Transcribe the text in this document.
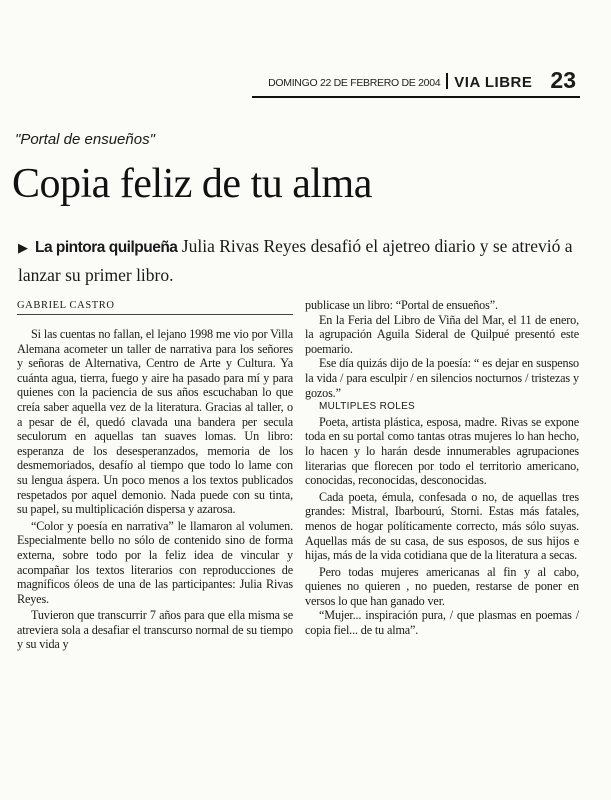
DOMINGO 22 DE FEBRERO DE 2004 VIA LIBRE 23
"Portal de ensueños"
Copia feliz de tu alma
▶ La pintora quilpueña Julia Rivas Reyes desafió el ajetreo diario y se atrevió a lanzar su primer libro.
GABRIEL CASTRO

Si las cuentas no fallan, el lejano 1998 me vio por Villa Alemana acometer un taller de narrativa para los señores y señoras de Alternativa, Centro de Arte y Cultura. Ya cuánta agua, tierra, fuego y aire ha pasado para mí y para quienes con la paciencia de sus años escuchaban lo que creía saber aquella vez de la literatura. Gracias al taller, o a pesar de él, quedó clavada una bandera per secula seculorum en aquellas tan suaves lomas. Un libro: esperanza de los desesperanzados, memoria de los desmemoriados, desafío al tiempo que todo lo lame con su lengua áspera. Un poco menos a los textos publicados respetados por aquel demonio. Nada puede con su tinta, su papel, su multiplicación dispersa y azarosa.

“Color y poesía en narrativa” le llamaron al volumen. Especialmente bello no sólo de contenido sino de forma externa, sobre todo por la feliz idea de vincular y acompañar los textos literarios con reproducciones de magníficos óleos de una de las participantes: Julia Rivas Reyes.

Tuvieron que transcurrir 7 años para que ella misma se atreviera sola a desafiar el transcurso normal de su tiempo y su vida y

publicase un libro: “Portal de ensueños”.

En la Feria del Libro de Viña del Mar, el 11 de enero, la agrupación Aguila Sideral de Quilpué presentó este poemario.

Ese día quizás dijo de la poesía: “ es dejar en suspenso la vida / para esculpir / en silencios nocturnos / tristezas y gozos.”

MULTIPLES ROLES

Poeta, artista plástica, esposa, madre. Rivas se expone toda en su portal como tantas otras mujeres lo han hecho, lo hacen y lo harán desde innumerables agrupaciones literarias que florecen por todo el territorio americano, conocidas, reconocidas, desconocidas.

Cada poeta, émula, confesada o no, de aquellas tres grandes: Mistral, Ibarbourú, Storni. Estas más fatales, menos de hogar políticamente correcto, más sólo suyas. Aquellas más de su casa, de sus esposos, de sus hijos e hijas, más de la vida cotidiana que de la literatura a secas.

Pero todas mujeres americanas al fin y al cabo, quienes no quieren , no pueden, restarse de poner en versos lo que han ganado ver.

“Mujer... inspiración pura, / que plasmas en poemas / copia fiel... de tu alma”.
